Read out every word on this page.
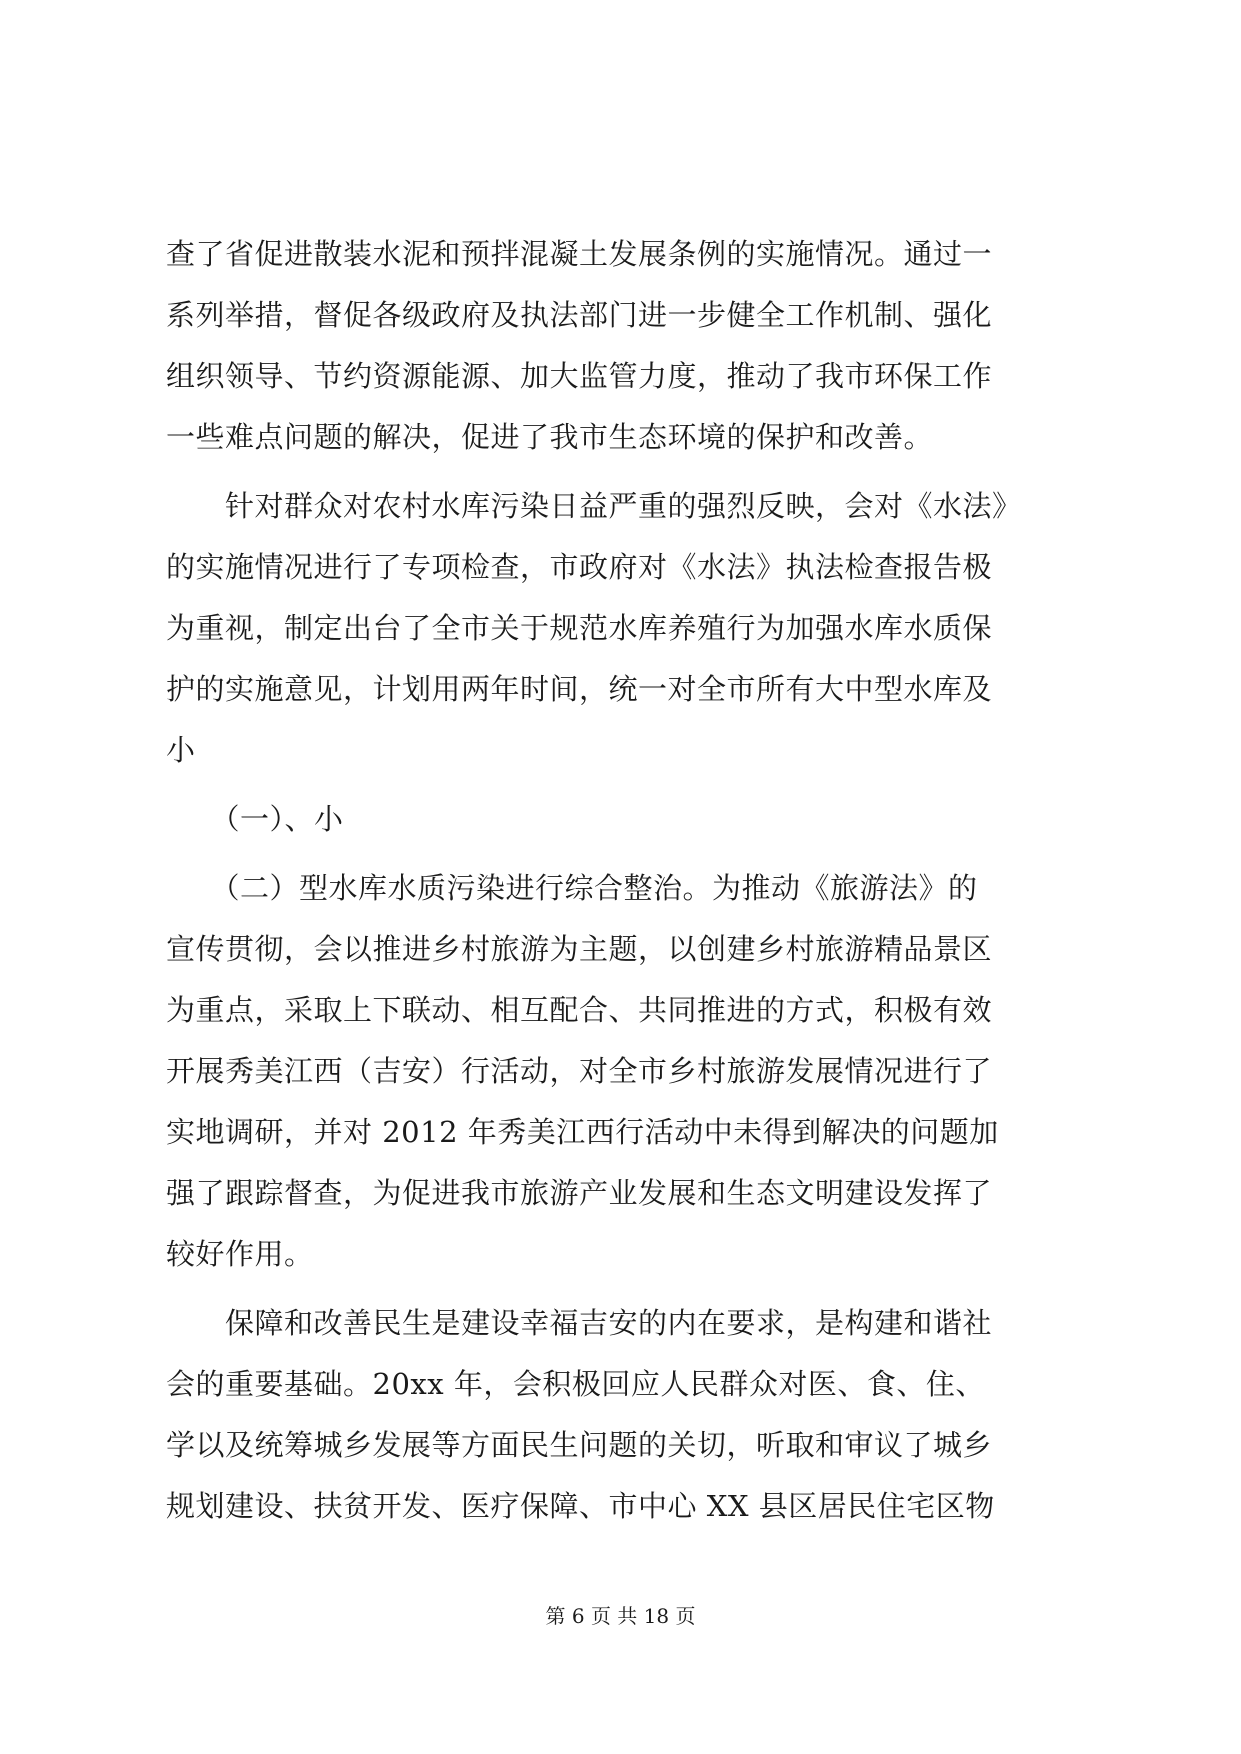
查了省促进散装水泥和预拌混凝土发展条例的实施情况。通过一
系列举措，督促各级政府及执法部门进一步健全工作机制、强化
组织领导、节约资源能源、加大监管力度，推动了我市环保工作
一些难点问题的解决，促进了我市生态环境的保护和改善。
　　针对群众对农村水库污染日益严重的强烈反映，会对《水法》
的实施情况进行了专项检查，市政府对《水法》执法检查报告极
为重视，制定出台了全市关于规范水库养殖行为加强水库水质保
护的实施意见，计划用两年时间，统一对全市所有大中型水库及
小
　　（一）、小
　　（二）型水库水质污染进行综合整治。为推动《旅游法》的
宣传贯彻，会以推进乡村旅游为主题，以创建乡村旅游精品景区
为重点，采取上下联动、相互配合、共同推进的方式，积极有效
开展秀美江西（吉安）行活动，对全市乡村旅游发展情况进行了
实地调研，并对 2012 年秀美江西行活动中未得到解决的问题加
强了跟踪督查，为促进我市旅游产业发展和生态文明建设发挥了
较好作用。
　　保障和改善民生是建设幸福吉安的内在要求，是构建和谐社
会的重要基础。20xx 年，会积极回应人民群众对医、食、住、
学以及统筹城乡发展等方面民生问题的关切，听取和审议了城乡
规划建设、扶贫开发、医疗保障、市中心 XX 县区居民住宅区物
第 6 页 共 18 页
